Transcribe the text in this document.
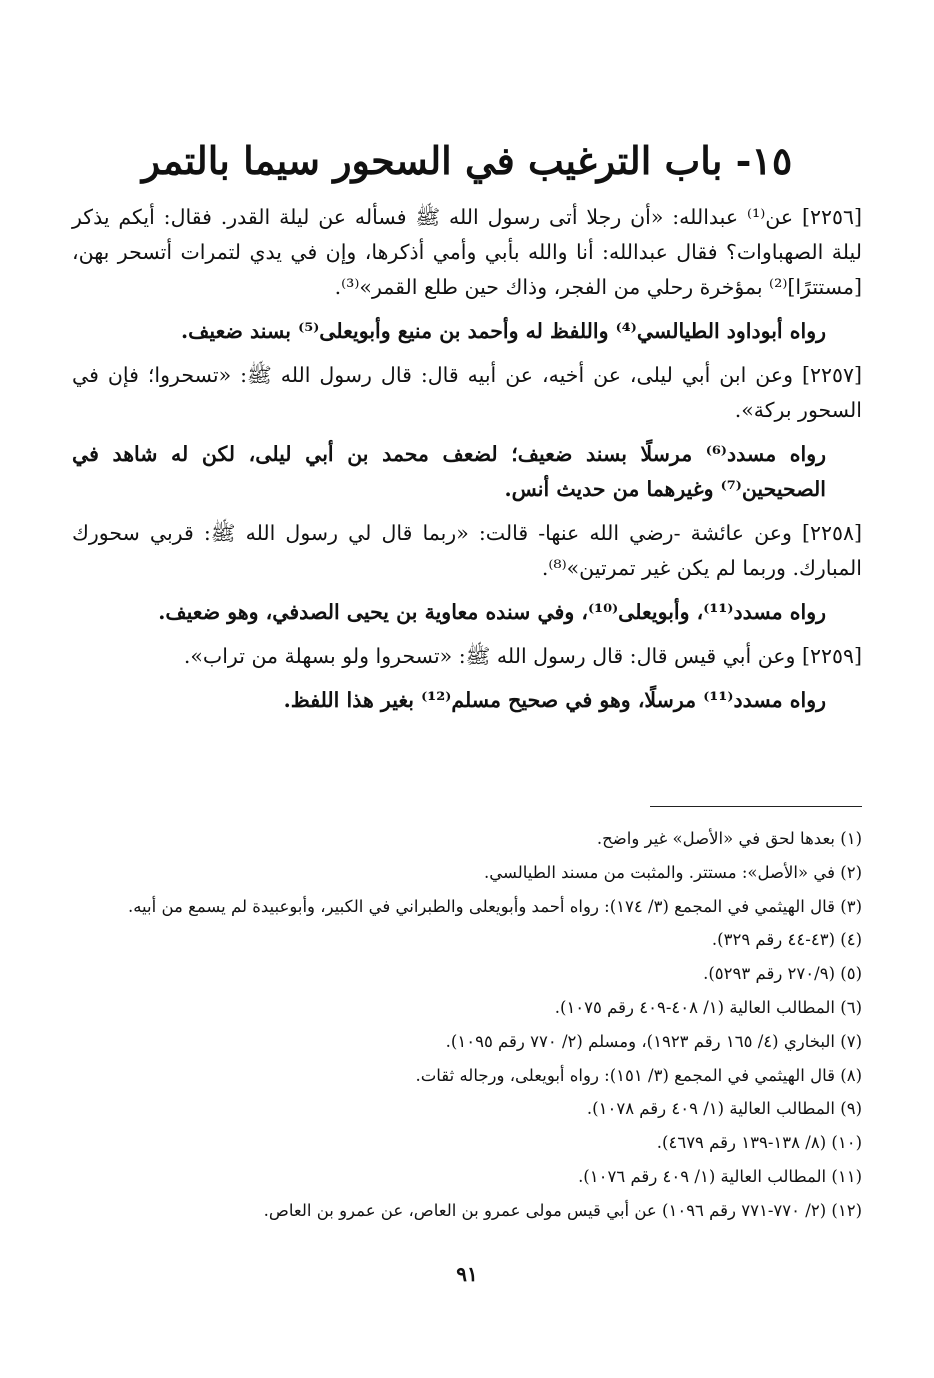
١٥- باب الترغيب في السحور سيما بالتمر

[٢٢٥٦] عن⁽¹⁾ عبدالله: «أن رجلا أتى رسول الله ﷺ فسأله عن ليلة القدر. فقال: أيكم يذكر ليلة الصهباوات؟ فقال عبدالله: أنا والله بأبي وأمي أذكرها، وإن في يدي لتمرات أتسحر بهن، [مستترًا]⁽²⁾ بمؤخرة رحلي من الفجر، وذاك حين طلع القمر»⁽³⁾.

رواه أبوداود الطيالسي⁽⁴⁾ واللفظ له وأحمد بن منيع وأبويعلى⁽⁵⁾ بسند ضعيف.

[٢٢٥٧] وعن ابن أبي ليلى، عن أخيه، عن أبيه قال: قال رسول الله ﷺ: «تسحروا؛ فإن في السحور بركة».

رواه مسدد⁽⁶⁾ مرسلًا بسند ضعيف؛ لضعف محمد بن أبي ليلى، لكن له شاهد في الصحيحين⁽⁷⁾ وغيرهما من حديث أنس.

[٢٢٥٨] وعن عائشة -رضي الله عنها- قالت: «ربما قال لي رسول الله ﷺ: قربي سحورك المبارك. وربما لم يكن غير تمرتين»⁽⁸⁾.

رواه مسدد⁽¹¹⁾، وأبويعلى⁽¹⁰⁾، وفي سنده معاوية بن يحيى الصدفي، وهو ضعيف.

[٢٢٥٩] وعن أبي قيس قال: قال رسول الله ﷺ: «تسحروا ولو بسهلة من تراب».

رواه مسدد⁽¹¹⁾ مرسلًا، وهو في صحيح مسلم⁽¹²⁾ بغير هذا اللفظ.

(١) بعدها لحق في «الأصل» غير واضح.
(٢) في «الأصل»: مستتر. والمثبت من مسند الطيالسي.
(٣) قال الهيثمي في المجمع (٣/ ١٧٤): رواه أحمد وأبويعلى والطبراني في الكبير، وأبوعبيدة لم يسمع من أبيه.
(٤) (٤٣-٤٤ رقم ٣٢٩).
(٥) (٢٧٠/٩ رقم ٥٢٩٣).
(٦) المطالب العالية (١/ ٤٠٨-٤٠٩ رقم ١٠٧٥).
(٧) البخاري (٤/ ١٦٥ رقم ١٩٢٣)، ومسلم (٢/ ٧٧٠ رقم ١٠٩٥).
(٨) قال الهيثمي في المجمع (٣/ ١٥١): رواه أبويعلى، ورجاله ثقات.
(٩) المطالب العالية (١/ ٤٠٩ رقم ١٠٧٨).
(١٠) (٨/ ١٣٨-١٣٩ رقم ٤٦٧٩).
(١١) المطالب العالية (١/ ٤٠٩ رقم ١٠٧٦).
(١٢) (٢/ ٧٧٠-٧٧١ رقم ١٠٩٦) عن أبي قيس مولى عمرو بن العاص، عن عمرو بن العاص.
٩١
